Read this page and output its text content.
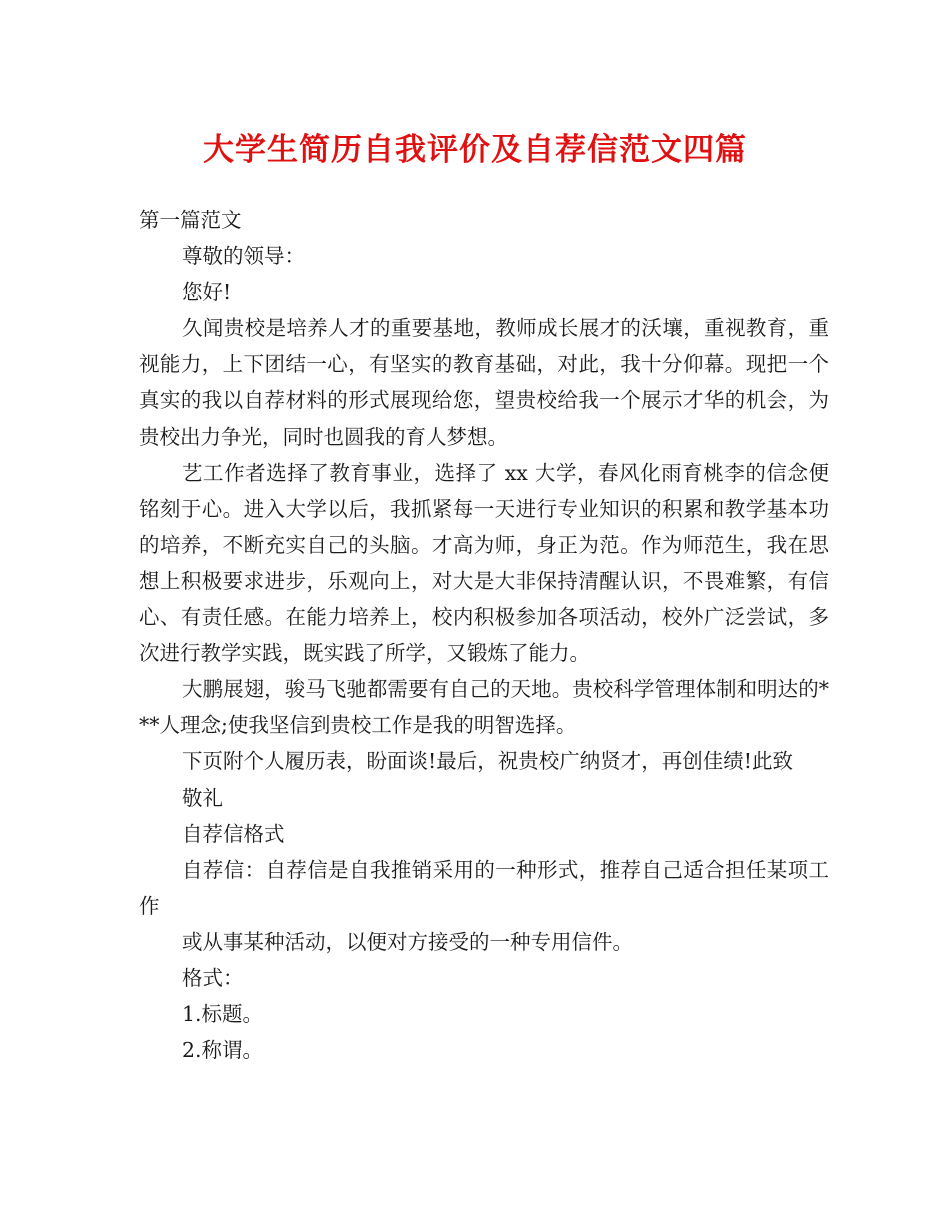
大学生简历自我评价及自荐信范文四篇

第一篇范文

尊敬的领导：

您好!

久闻贵校是培养人才的重要基地，教师成长展才的沃壤，重视教育，重视能力，上下团结一心，有坚实的教育基础，对此，我十分仰幕。现把一个真实的我以自荐材料的形式展现给您，望贵校给我一个展示才华的机会，为贵校出力争光，同时也圆我的育人梦想。

艺工作者选择了教育事业，选择了 xx 大学，春风化雨育桃李的信念便铭刻于心。进入大学以后，我抓紧每一天进行专业知识的积累和教学基本功的培养，不断充实自己的头脑。才高为师，身正为范。作为师范生，我在思想上积极要求进步，乐观向上，对大是大非保持清醒认识，不畏难繁，有信心、有责任感。在能力培养上，校内积极参加各项活动，校外广泛尝试，多次进行教学实践，既实践了所学，又锻炼了能力。

大鹏展翅，骏马飞驰都需要有自己的天地。贵校科学管理体制和明达的***人理念;使我坚信到贵校工作是我的明智选择。

下页附个人履历表，盼面谈!最后，祝贵校广纳贤才，再创佳绩!此致

敬礼

自荐信格式

自荐信：自荐信是自我推销采用的一种形式，推荐自己适合担任某项工作

或从事某种活动，以便对方接受的一种专用信件。

格式：

1.标题。

2.称谓。
